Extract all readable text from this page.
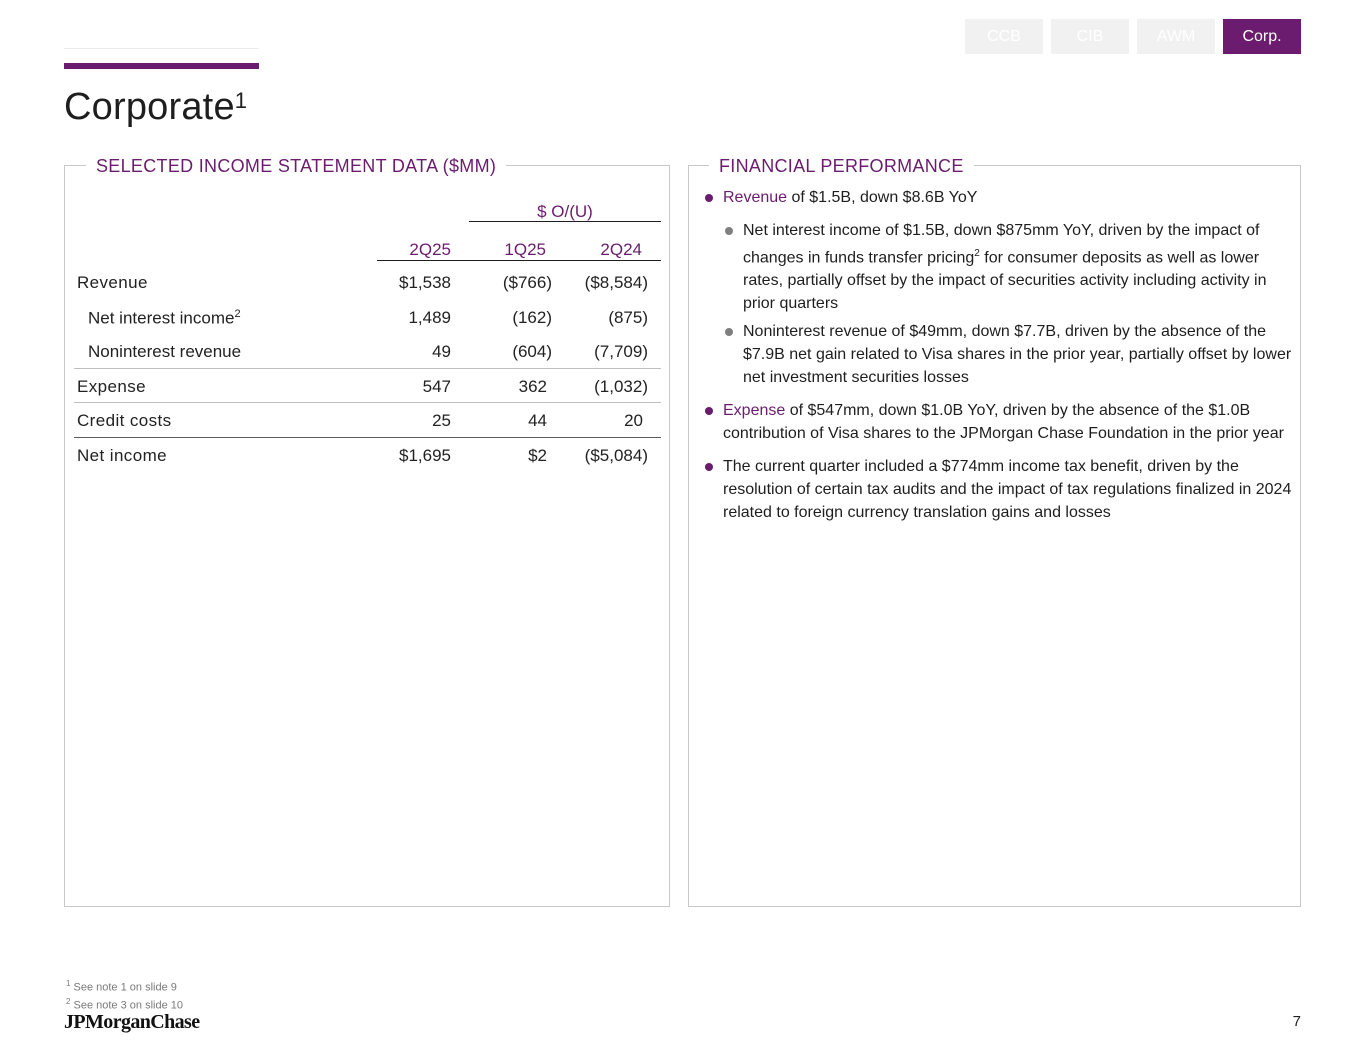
CCB	CIB	AWM	Corp.
Corporate$^1$
SELECTED INCOME STATEMENT DATA ($MM)
$ O/(U)
2Q25	1Q25	2Q24
Revenue	$1,538	($766) ($8,584)
Net interest income$^2$	1,489	(162)	(875)
Noninterest revenue	49	(604) (7,709)
Expense	547	362	(1,032)
Credit costs	25	44	20
Net income	$1,695	$2 ($5,084)
FINANCIAL PERFORMANCE
Revenue of $1.5B, down $8.6B YoY
Net interest income of $1.5B, down $875mm YoY, driven by the impact of changes in funds transfer pricing$^2$ for consumer deposits as well as lower rates, partially offset by the impact of securities activity including activity in prior quarters
Noninterest revenue of $49mm, down $7.7B, driven by the absence of the $7.9B net gain related to Visa shares in the prior year, partially offset by lower net investment securities losses
Expense of $547mm, down $1.0B YoY, driven by the absence of the $1.0B contribution of Visa shares to the JPMorgan Chase Foundation in the prior year
The current quarter included a $774mm income tax benefit, driven by the resolution of certain tax audits and the impact of tax regulations finalized in 2024 related to foreign currency translation gains and losses
$^1$ See note 1 on slide 9
$^2$ See note 3 on slide 10
JPMorganChase	7
